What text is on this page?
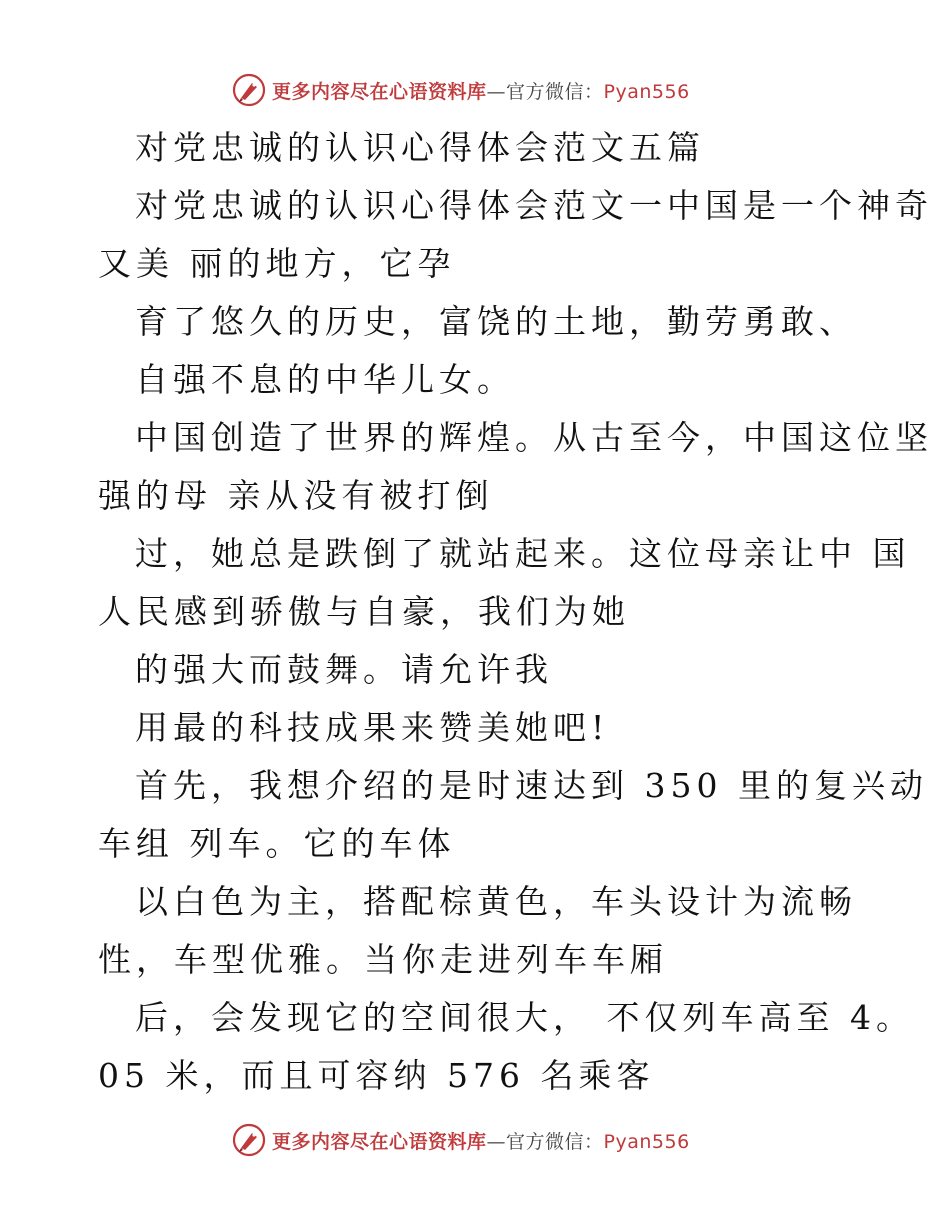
更多内容尽在心语资料库—官方微信：Pyan556
对党忠诚的认识心得体会范文五篇
对党忠诚的认识心得体会范文一中国是一个神奇
又美 丽的地方，它孕
育了悠久的历史，富饶的土地，勤劳勇敢、
自强不息的中华儿女。
中国创造了世界的辉煌。从古至今，中国这位坚
强的母 亲从没有被打倒
过，她总是跌倒了就站起来。这位母亲让中 国
人民感到骄傲与自豪，我们为她
的强大而鼓舞。请允许我
用最的科技成果来赞美她吧!
首先，我想介绍的是时速达到 350 里的复兴动
车组 列车。它的车体
以白色为主，搭配棕黄色，车头设计为流畅
性，车型优雅。当你走进列车车厢
后，会发现它的空间很大， 不仅列车高至 4。
05 米，而且可容纳 576 名乘客
更多内容尽在心语资料库—官方微信：Pyan556
